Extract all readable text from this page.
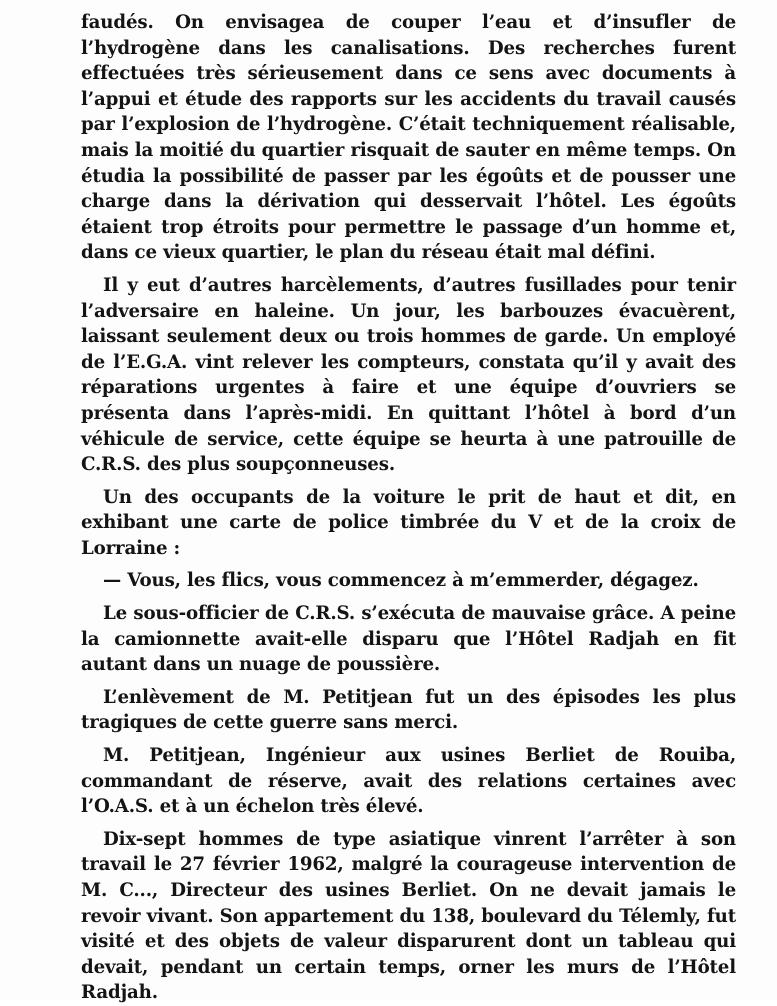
faudés. On envisagea de couper l’eau et d’insufler de l’hydrogène dans les canalisations. Des recherches furent effectuées très sérieusement dans ce sens avec documents à l’appui et étude des rapports sur les accidents du travail causés par l’explosion de l’hydrogène. C’était techniquement réalisable, mais la moitié du quartier risquait de sauter en même temps. On étudia la possibilité de passer par les égoûts et de pousser une charge dans la dérivation qui desservait l’hôtel. Les égoûts étaient trop étroits pour permettre le passage d’un homme et, dans ce vieux quartier, le plan du réseau était mal défini.

Il y eut d’autres harcèlements, d’autres fusillades pour tenir l’adversaire en haleine. Un jour, les barbouzes évacuèrent, laissant seulement deux ou trois hommes de garde. Un employé de l’E.G.A. vint relever les compteurs, constata qu’il y avait des réparations urgentes à faire et une équipe d’ouvriers se présenta dans l’après-midi. En quittant l’hôtel à bord d’un véhicule de service, cette équipe se heurta à une patrouille de C.R.S. des plus soupçonneuses.

Un des occupants de la voiture le prit de haut et dit, en exhibant une carte de police timbrée du V et de la croix de Lorraine :

— Vous, les flics, vous commencez à m’emmerder, dégagez.

Le sous-officier de C.R.S. s’exécuta de mauvaise grâce. A peine la camionnette avait-elle disparu que l’Hôtel Radjah en fit autant dans un nuage de poussière.

L’enlèvement de M. Petitjean fut un des épisodes les plus tragiques de cette guerre sans merci.

M. Petitjean, Ingénieur aux usines Berliet de Rouiba, commandant de réserve, avait des relations certaines avec l’O.A.S. et à un échelon très élevé.

Dix-sept hommes de type asiatique vinrent l’arrêter à son travail le 27 février 1962, malgré la courageuse intervention de M. C..., Directeur des usines Berliet. On ne devait jamais le revoir vivant. Son appartement du 138, boulevard du Télemly, fut visité et des objets de valeur disparurent dont un tableau qui devait, pendant un certain temps, orner les murs de l’Hôtel Radjah.
